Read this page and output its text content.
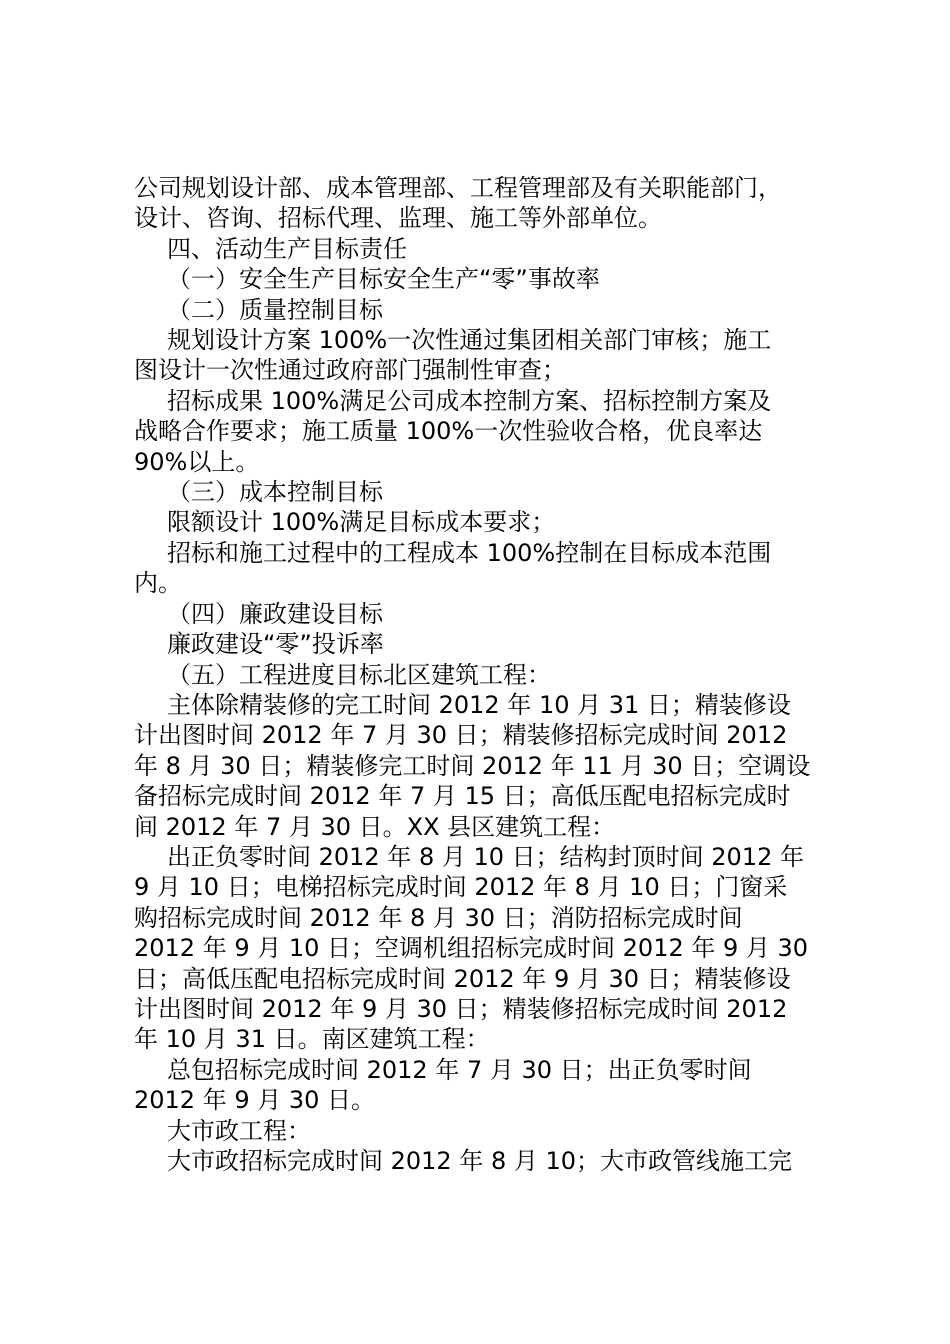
公司规划设计部、成本管理部、工程管理部及有关职能部门，

设计、咨询、招标代理、监理、施工等外部单位。

四、活动生产目标责任

（一）安全生产目标安全生产“零”事故率

（二）质量控制目标

规划设计方案 100%一次性通过集团相关部门审核；施工

图设计一次性通过政府部门强制性审查；

招标成果 100%满足公司成本控制方案、招标控制方案及

战略合作要求；施工质量 100%一次性验收合格，优良率达

90%以上。

（三）成本控制目标

限额设计 100%满足目标成本要求；

招标和施工过程中的工程成本 100%控制在目标成本范围

内。

（四）廉政建设目标

廉政建设“零”投诉率

（五）工程进度目标北区建筑工程：

主体除精装修的完工时间 2012 年 10 月 31 日；精装修设

计出图时间 2012 年 7 月 30 日；精装修招标完成时间 2012

年 8 月 30 日；精装修完工时间 2012 年 11 月 30 日；空调设

备招标完成时间 2012 年 7 月 15 日；高低压配电招标完成时

间 2012 年 7 月 30 日。XX 县区建筑工程：

出正负零时间 2012 年 8 月 10 日；结构封顶时间 2012 年

9 月 10 日；电梯招标完成时间 2012 年 8 月 10 日；门窗采

购招标完成时间 2012 年 8 月 30 日；消防招标完成时间

2012 年 9 月 10 日；空调机组招标完成时间 2012 年 9 月 30

日；高低压配电招标完成时间 2012 年 9 月 30 日；精装修设

计出图时间 2012 年 9 月 30 日；精装修招标完成时间 2012

年 10 月 31 日。南区建筑工程：

总包招标完成时间 2012 年 7 月 30 日；出正负零时间

2012 年 9 月 30 日。

大市政工程：

大市政招标完成时间 2012 年 8 月 10；大市政管线施工完
